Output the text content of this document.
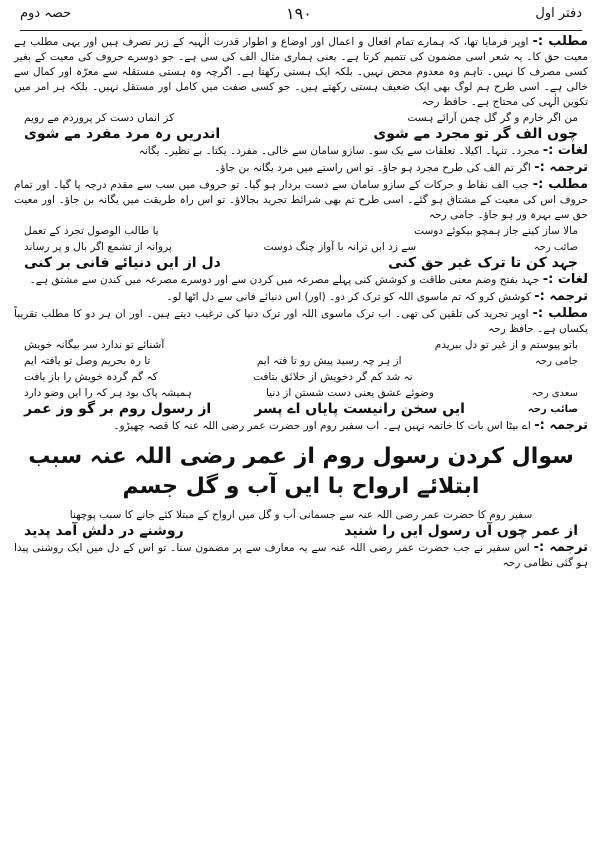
دفتر اول
۱۹۰
حصہ دوم

مطلب :- اوپر فرمایا تھا، کہ ہمارے تمام افعال و اعمال اور اوضاع و اطوار قدرت الٰہیہ کے زیر تصرف ہیں اور یہی مطلب ہے معیت حق کا۔ یہ شعر اسی مضمون کی تتمیم کرتا ہے۔ یعنی ہماری مثال الف کی سی ہے۔ جو دوسرے حروف کی معیت کے بغیر کسی مصرف کا نہیں۔ تاہم وہ معدوم محض نہیں۔ بلکہ ایک ہستی رکھتا ہے۔ اگرچہ وہ ہستی مستقلہ سے معرّہ اور کمال سے خالی ہے۔ اسی طرح ہم لوگ بھی ایک ضعیف ہستی رکھتے ہیں۔ جو کسی صفت میں کامل اور مستقل نہیں۔ بلکہ ہر امر میں تکوین الٰہی کی محتاج ہے۔ حافظ رحہ

من اگر خارم و گر گل چمن آرائے ہست
کز انماں دست کر پروردم مے رویم
چوں الف گر تو مجرد مے شوی
اندریں رہ مرد مفرد مے شوی

لغات :- مجرد۔ تنہا۔ اکیلا۔ تعلقات سے یک سو۔ سازو سامان سے خالی۔ مفرد۔ یکتا۔ بے نظیر۔ یگانہ

ترجمہ :- اگر تم الف کی طرح مجرد ہو جاؤ۔ تو اس راستے میں مرد یگانہ بن جاؤ۔

مطلب :- جب الف نقاط و حرکات کے سازو سامان سے دست بردار ہو گیا۔ تو حروف میں سب سے مقدم درجہ پا گیا۔ اور تمام حروف اس کی معیت کے مشتاق ہو گئے۔ اسی طرح تم بھی شرائط تجرید بجالاؤ۔ تو اس راہ طریقت میں یگانہ بن جاؤ۔ اور معیت حق سے بہرہ ور ہو جاؤ۔ جامی رحہ

مالا ساز کینے جاز ہمچو بیکوئے دوست
یا طالب الوصول تجرد کے تعمل
صائب رحہ
سے زد ابں ترانہ با آواز چنگ دوست
پروانہ از تشمع اگر بال و پر رساند
جہد کن تا ترک غیر حق کنی
دل از ایں دنیائے فانی بر کنی

لغات :- جہد بفتح وضم معنی طاقت و کوشش کنی پہلے مصرعہ میں کردن سے اور دوسرے مصرعہ میں کندن سے مشتق ہے۔

ترجمہ :- کوشش کرو کہ تم ماسوی اللہ کو ترک کر دو۔ (اور) اس دنیائے فانی سے دل اٹھا لو۔

مطلب :- اوپر تجرید کی تلقین کی تھی۔ اب ترک ماسوی اللہ اور ترک دنیا کی ترغیب دیتے ہیں۔ اور ان ہر دو کا مطلب تقریباً یکساں ہے۔ حافظ رحہ

باتو پیوستم و از غیر تو دل ببریدم
آشنائے تو ندارد سر بیگانہ خویش
جامی رحہ
از ہر چہ رسید پیش رو تا فتہ ایم
تا رہ بحریم وصل تو یافتہ ایم
نہ شد کم گر دخویش از خلائق بتافت
کہ گم گردہ خویش را باز یافت
سعدی رحہ
وضوئے عشق یعنی دست شستن از دنیا
ہمیشہ پاک بود ہر کہ را ایں وضو دارد
صائب رحہ
ایں سخن رانیست پایاں اے پسر
از رسول روم بر گو وز عمر

ترجمہ :- اے بیٹا اس بات کا خاتمہ نہیں ہے۔ اب سفیر روم اور حضرت عمر رضی اللہ عنہ کا قصہ چھیڑو۔

سوال کردن رسول روم از عمر رضی اللہ عنہ سبب ابتلائے ارواح با ایں آب و گل جسم

سفیر روم کا حضرت عمر رضی اللہ عنہ سے جسمانی آب و گل میں ارواح کے مبتلا کئے جانے کا سبب پوچھنا

از عمر چوں آں رسول ایں را شنید
روشنے در دلش آمد پدید

ترجمہ :- اس سفیر نے جب حضرت عمر رضی اللہ عنہ سے یہ معارف سے پر مضمون سنا۔ تو اس کے دل میں ایک روشنی پیدا ہو گئی نظامی رحہ
